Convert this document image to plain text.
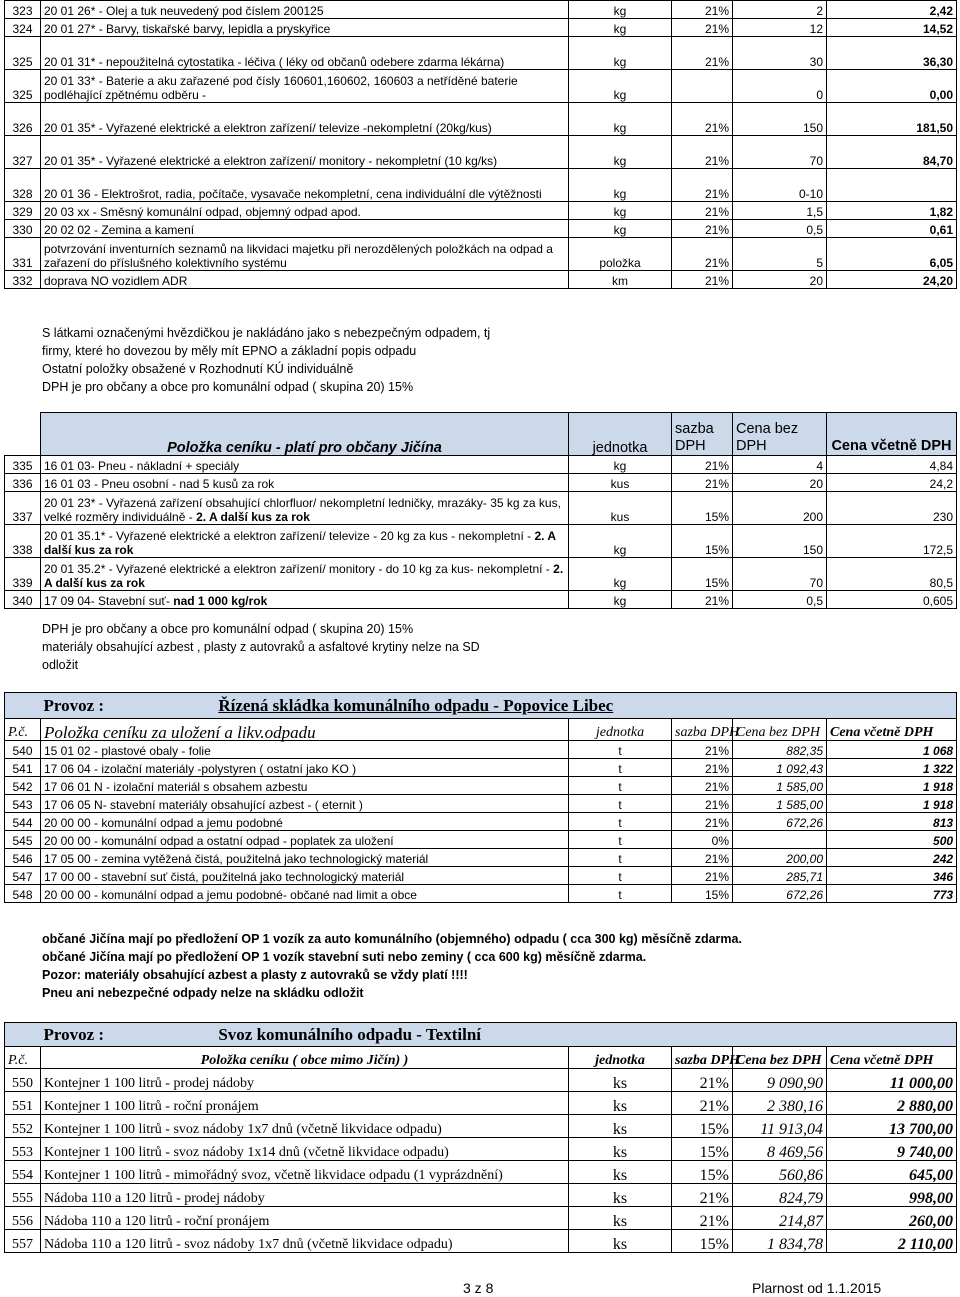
323	20 01 26* - Olej a tuk neuvedený pod číslem 200125	kg	21%	2	2,42
324	20 01 27* - Barvy, tiskařské barvy, lepidla a pryskyřice	kg	21%	12	14,52
325	20 01 31* - nepoužitelná cytostatika - léčiva ( léky od občanů odebere zdarma lékárna)	kg	21%	30	36,30
325	20 01 33* - Baterie a aku zařazené pod čísly 160601,160602, 160603 a netříděné baterie podléhající zpětnému odběru -	kg		0	0,00
326	20 01 35* - Vyřazené elektrické a elektron zařízení/ televize -nekompletní (20kg/kus)	kg	21%	150	181,50
327	20 01 35* - Vyřazené elektrické a elektron zařízení/ monitory - nekompletní (10 kg/ks)	kg	21%	70	84,70
328	20 01 36 - Elektrošrot, radia, počítače, vysavače nekompletní, cena individuální dle výtěžnosti	kg	21%	0-10	
329	20 03 xx - Směsný komunální odpad, objemný odpad apod.	kg	21%	1,5	1,82
330	20 02 02 - Zemina a kamení	kg	21%	0,5	0,61
331	potvrzování inventurních seznamů na likvidaci majetku při nerozdělených položkách na odpad a zařazení do příslušného kolektivního systému	položka	21%	5	6,05
332	doprava NO vozidlem ADR	km	21%	20	24,20
S látkami označenými hvězdičkou je nakládáno jako s nebezpečným odpadem, tj
firmy, které ho dovezou by měly mít EPNO a základní popis odpadu
Ostatní položky obsažené v Rozhodnutí KÚ individuálně
DPH je pro občany a obce pro komunální odpad ( skupina 20) 15%
	Položka ceníku - platí pro občany Jičína	jednotka	sazba DPH	Cena bez DPH	Cena včetně DPH
335	16 01 03- Pneu - nákladní + speciály	kg	21%	4	4,84
336	16 01 03 - Pneu osobní - nad 5 kusů za rok	kus	21%	20	24,2
337	20 01 23* - Vyřazená zařízení obsahující chlorfluor/ nekompletní ledničky, mrazáky- 35 kg za kus, velké rozměry individuálně - 2. A další kus za rok	kus	15%	200	230
338	20 01 35.1* - Vyřazené elektrické a elektron zařízení/ televize - 20 kg za kus - nekompletní - 2. A další kus za rok	kg	15%	150	172,5
339	20 01 35.2* - Vyřazené elektrické a elektron zařízení/ monitory - do 10 kg za kus- nekompletní - 2. A další kus za rok	kg	15%	70	80,5
340	17 09 04- Stavební suť- nad 1 000 kg/rok	kg	21%	0,5	0,605
DPH je pro občany a obce pro komunální odpad ( skupina 20) 15%
materiály obsahující azbest , plasty z autovraků a asfaltové krytiny nelze na SD
odložit
	Provoz : Řízená skládka komunálního odpadu - Popovice Libec				
P.č.	Položka ceníku za uložení a likv.odpadu	jednotka	sazba DPH	Cena bez DPH	Cena včetně DPH
540	15 01 02 - plastové obaly - folie	t	21%	882,35	1 068
541	17 06 04 - izolační materiály -polystyren ( ostatní jako KO )	t	21%	1 092,43	1 322
542	17 06 01 N - izolační materiál s obsahem azbestu	t	21%	1 585,00	1 918
543	17 06 05 N- stavební materiály obsahující azbest - ( eternit )	t	21%	1 585,00	1 918
544	20 00 00 - komunální odpad a jemu podobné	t	21%	672,26	813
545	20 00 00 - komunální odpad a ostatní odpad - poplatek za uložení	t	0%		500
546	17 05 00 - zemina vytěžená čistá, použitelná jako technologický materiál	t	21%	200,00	242
547	17 00 00 - stavební suť čistá, použitelná jako technologický materiál	t	21%	285,71	346
548	20 00 00 - komunální odpad a jemu podobné- občané nad limit a obce	t	15%	672,26	773
občané Jičína mají po předložení OP 1 vozík za auto komunálního (objemného) odpadu ( cca 300 kg) měsíčně zdarma.
občané Jičína mají po předložení OP 1 vozík stavební suti nebo zeminy ( cca 600 kg) měsíčně zdarma.
Pozor: materiály obsahující azbest a plasty z autovraků se vždy platí !!!!
Pneu ani nebezpečné odpady nelze na skládku odložit
	Provoz : Svoz komunálního odpadu - Textilní				
P.č.	Položka ceníku ( obce mimo Jičín) )	jednotka	sazba DPH	Cena bez DPH	Cena včetně DPH
550	Kontejner 1 100 litrů - prodej nádoby	ks	21%	9 090,90	11 000,00
551	Kontejner 1 100 litrů - roční pronájem	ks	21%	2 380,16	2 880,00
552	Kontejner 1 100 litrů - svoz nádoby 1x7 dnů (včetně likvidace odpadu)	ks	15%	11 913,04	13 700,00
553	Kontejner 1 100 litrů - svoz nádoby 1x14 dnů (včetně likvidace odpadu)	ks	15%	8 469,56	9 740,00
554	Kontejner 1 100 litrů - mimořádný svoz, včetně likvidace odpadu (1 vyprázdnění)	ks	15%	560,86	645,00
555	Nádoba 110 a 120 litrů - prodej nádoby	ks	21%	824,79	998,00
556	Nádoba 110 a 120 litrů - roční pronájem	ks	21%	214,87	260,00
557	Nádoba 110 a 120 litrů - svoz nádoby 1x7 dnů (včetně likvidace odpadu)	ks	15%	1 834,78	2 110,00
3 z 8	Plarnost od 1.1.2015
